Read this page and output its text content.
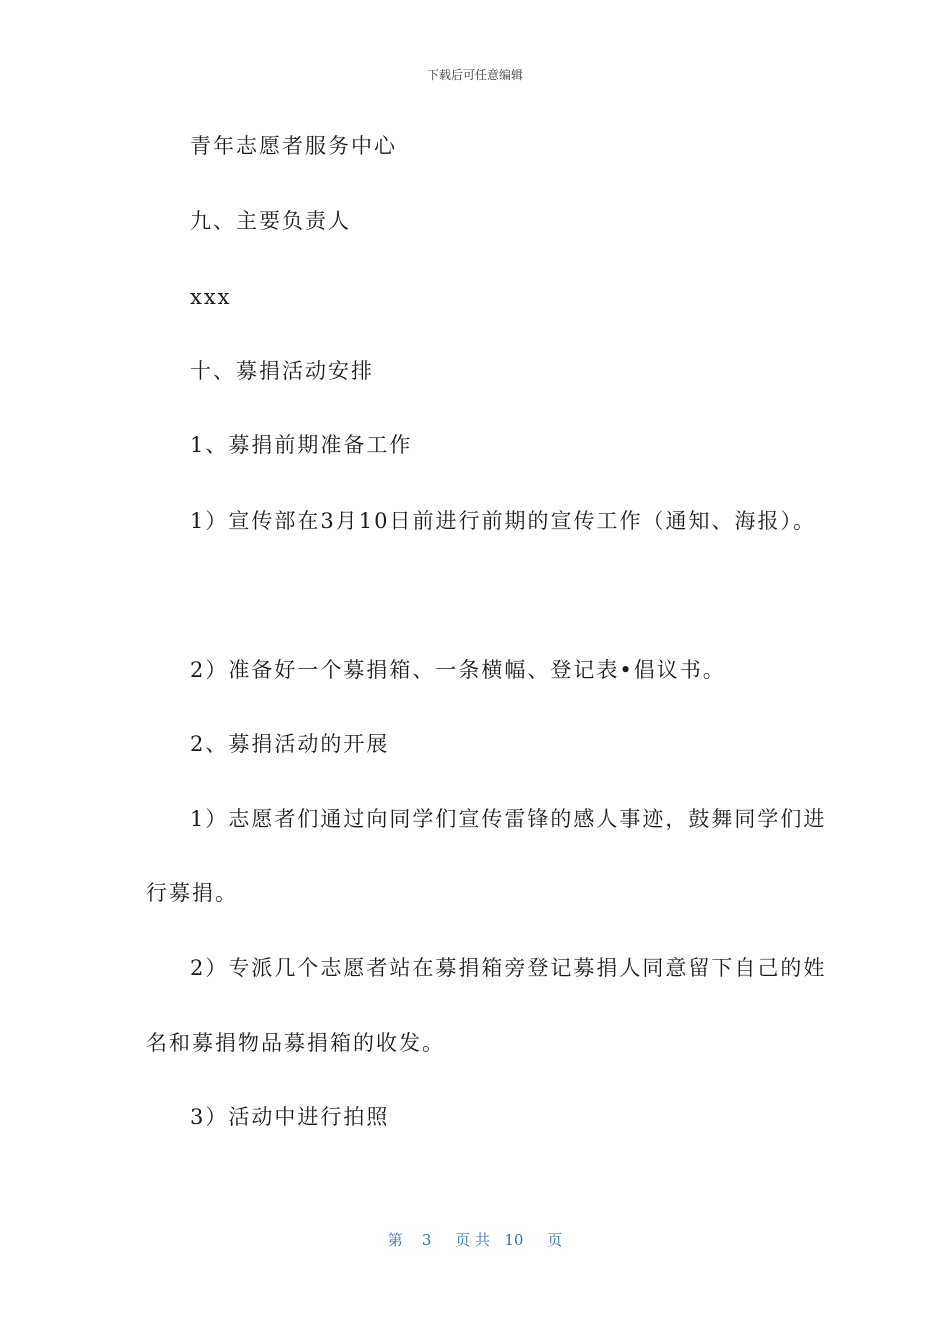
下载后可任意编辑
青年志愿者服务中心
九、主要负责人
xxx
十、募捐活动安排
1、募捐前期准备工作
1）宣传部在3月10日前进行前期的宣传工作（通知、海报）。
2）准备好一个募捐箱、一条横幅、登记表•倡议书。
2、募捐活动的开展
1）志愿者们通过向同学们宣传雷锋的感人事迹，鼓舞同学们进
行募捐。
2）专派几个志愿者站在募捐箱旁登记募捐人同意留下自己的姓
名和募捐物品募捐箱的收发。
3）活动中进行拍照
第 3 页 共 10 页
